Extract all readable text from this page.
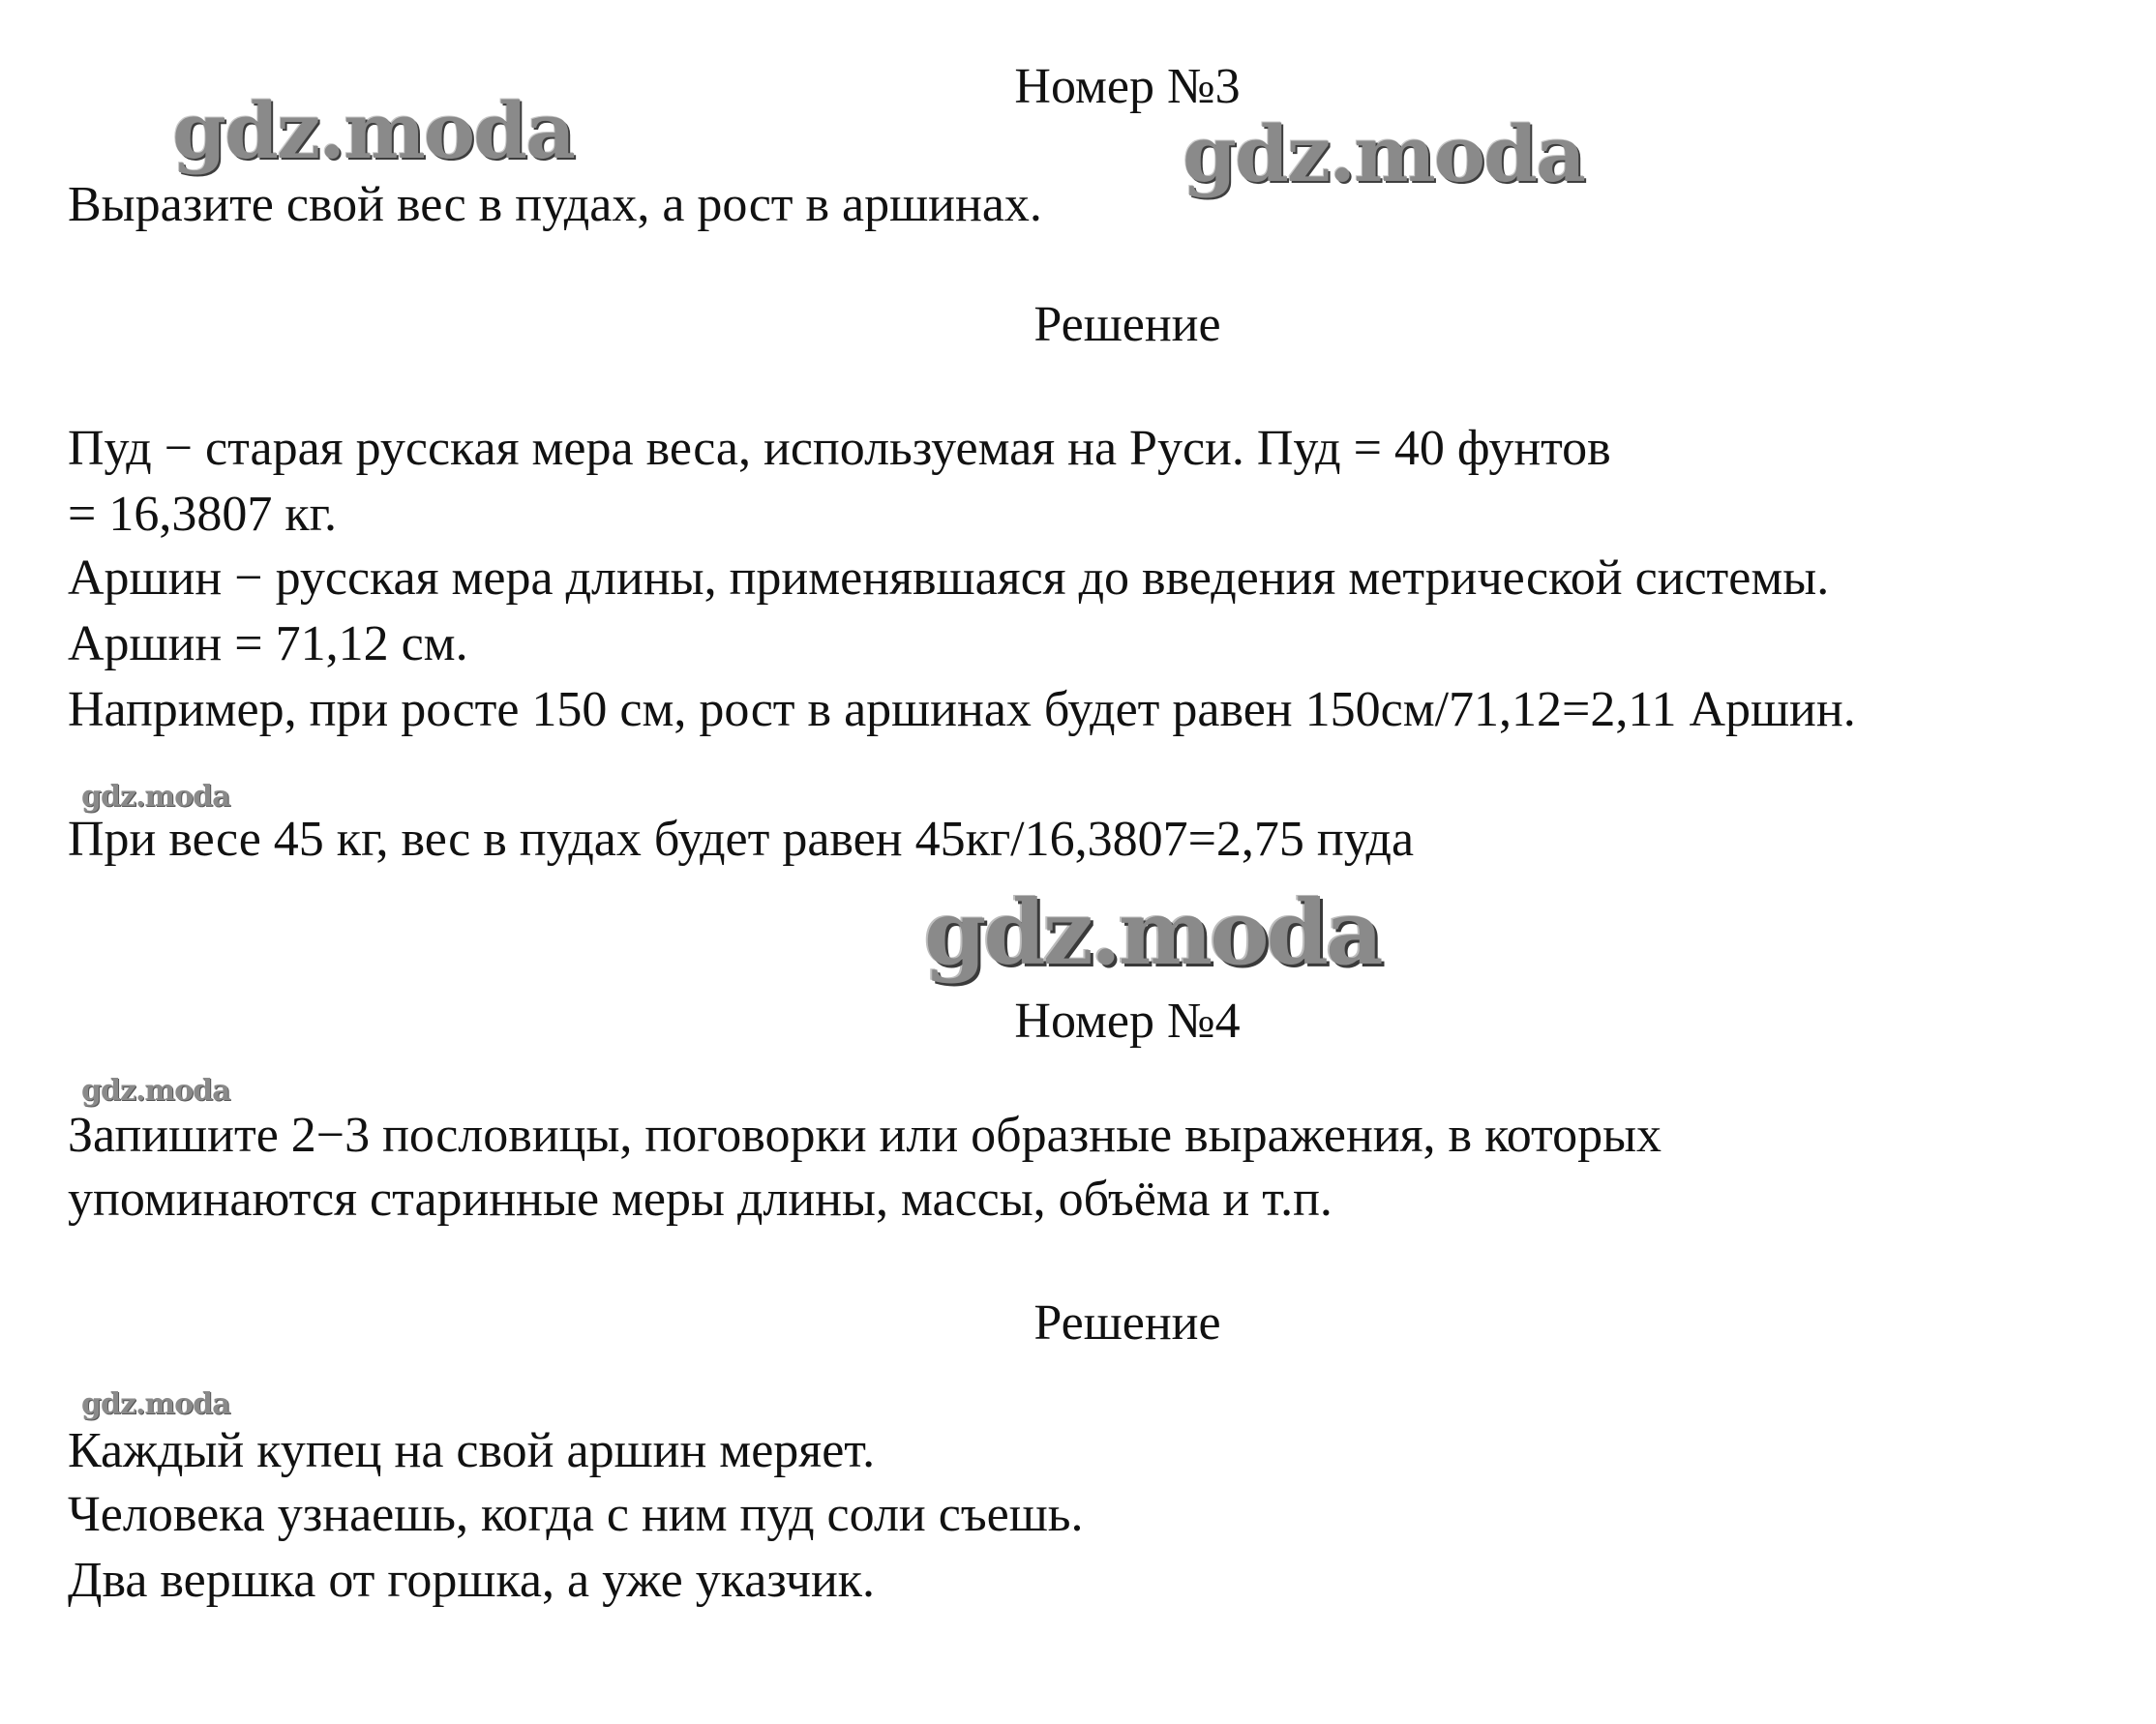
gdz.moda	gdz.moda
gdz.moda
gdz.moda
gdz.moda
gdz.moda
Номер №3
Выразите свой вес в пудах, а рост в аршинах.
Решение
Пуд − старая русская мера веса, используемая на Руси. Пуд = 40 фунтов
= 16,3807 кг.
Аршин − русская мера длины, применявшаяся до введения метрической системы.
Аршин = 71,12 см.
Например, при росте 150 см, рост в аршинах будет равен 150см/71,12=2,11 Аршин.
При весе 45 кг, вес в пудах будет равен 45кг/16,3807=2,75 пуда
Номер №4
Запишите 2−3 пословицы, поговорки или образные выражения, в которых
упоминаются старинные меры длины, массы, объёма и т.п.
Решение
Каждый купец на свой аршин меряет.
Человека узнаешь, когда с ним пуд соли съешь.
Два вершка от горшка, а уже указчик.
